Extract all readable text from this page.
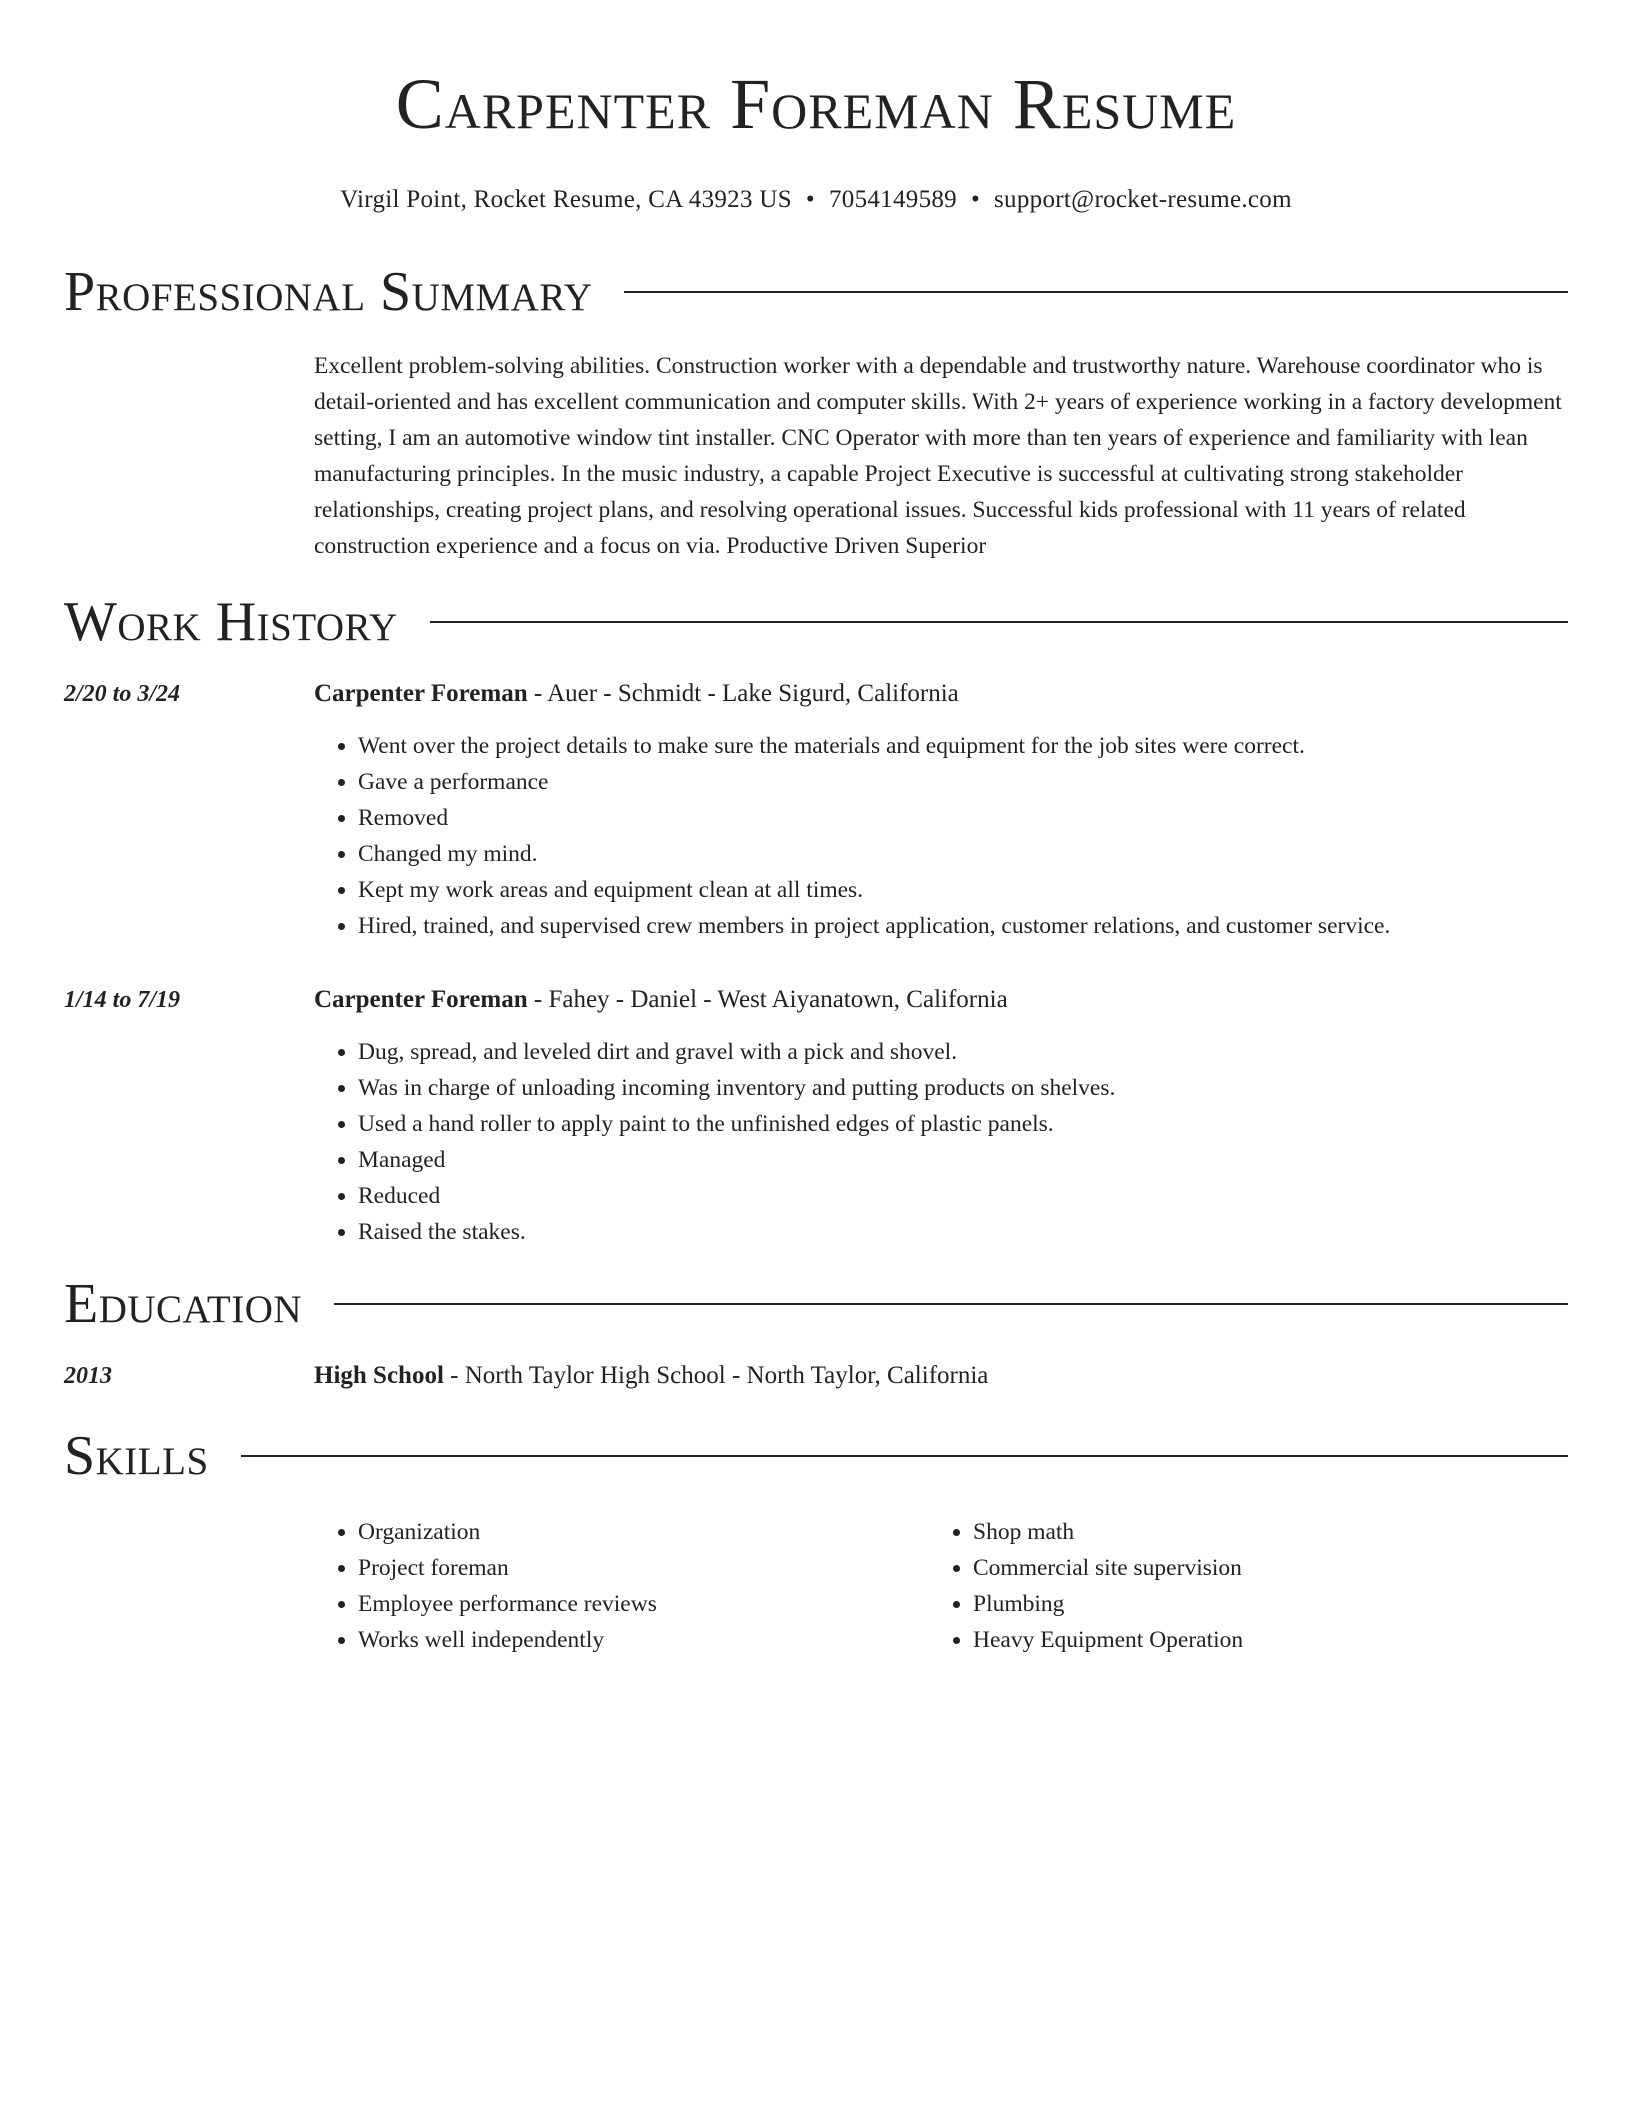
Carpenter Foreman Resume
Virgil Point, Rocket Resume, CA 43923 US • 7054149589 • support@rocket-resume.com
Professional Summary
Excellent problem-solving abilities. Construction worker with a dependable and trustworthy nature. Warehouse coordinator who is detail-oriented and has excellent communication and computer skills. With 2+ years of experience working in a factory development setting, I am an automotive window tint installer. CNC Operator with more than ten years of experience and familiarity with lean manufacturing principles. In the music industry, a capable Project Executive is successful at cultivating strong stakeholder relationships, creating project plans, and resolving operational issues. Successful kids professional with 11 years of related construction experience and a focus on via. Productive Driven Superior
Work History
2/20 to 3/24	Carpenter Foreman - Auer - Schmidt - Lake Sigurd, California
• Went over the project details to make sure the materials and equipment for the job sites were correct.
• Gave a performance
• Removed
• Changed my mind.
• Kept my work areas and equipment clean at all times.
• Hired, trained, and supervised crew members in project application, customer relations, and customer service.
1/14 to 7/19	Carpenter Foreman - Fahey - Daniel - West Aiyanatown, California
• Dug, spread, and leveled dirt and gravel with a pick and shovel.
• Was in charge of unloading incoming inventory and putting products on shelves.
• Used a hand roller to apply paint to the unfinished edges of plastic panels.
• Managed
• Reduced
• Raised the stakes.
Education
2013	High School - North Taylor High School - North Taylor, California
Skills
• Organization
• Project foreman
• Employee performance reviews
• Works well independently
• Shop math
• Commercial site supervision
• Plumbing
• Heavy Equipment Operation
